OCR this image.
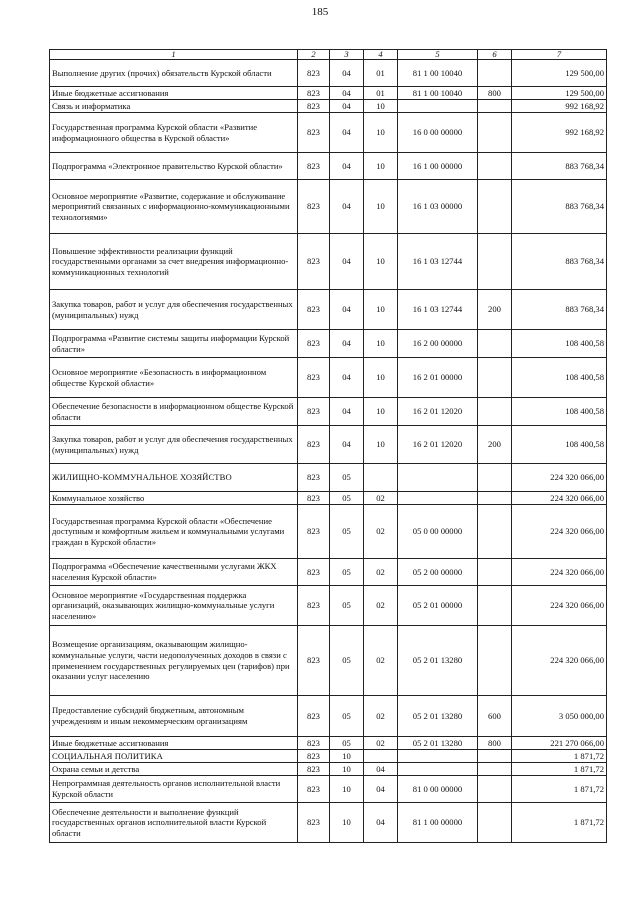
185
1	2	3	4	5	6	7
Выполнение других (прочих) обязательств Курской области	823	04	01	81 1 00 10040		129 500,00
Иные бюджетные ассигнования	823	04	01	81 1 00 10040	800	129 500,00
Связь и информатика	823	04	10			992 168,92
Государственная программа Курской области «Развитие информационного общества в Курской области»	823	04	10	16 0 00 00000		992 168,92
Подпрограмма «Электронное правительство Курской области»	823	04	10	16 1 00 00000		883 768,34
Основное мероприятие «Развитие, содержание и обслуживание мероприятий связанных с информационно-коммуникационными технологиями»	823	04	10	16 1 03 00000		883 768,34
Повышение эффективности реализации функций государственными органами за счет внедрения информационно-коммуникационных технологий	823	04	10	16 1 03 12744		883 768,34
Закупка товаров, работ и услуг для обеспечения государственных (муниципальных) нужд	823	04	10	16 1 03 12744	200	883 768,34
Подпрограмма «Развитие системы защиты информации Курской области»	823	04	10	16 2 00 00000		108 400,58
Основное мероприятие «Безопасность в информационном обществе Курской области»	823	04	10	16 2 01 00000		108 400,58
Обеспечение безопасности в информационном обществе Курской области	823	04	10	16 2 01 12020		108 400,58
Закупка товаров, работ и услуг для обеспечения государственных (муниципальных) нужд	823	04	10	16 2 01 12020	200	108 400,58
ЖИЛИЩНО-КОММУНАЛЬНОЕ ХОЗЯЙСТВО	823	05				224 320 066,00
Коммунальное хозяйство	823	05	02			224 320 066,00
Государственная программа Курской области «Обеспечение доступным и комфортным жильем и коммунальными услугами граждан в Курской области»	823	05	02	05 0 00 00000		224 320 066,00
Подпрограмма «Обеспечение качественными услугами ЖКХ населения Курской области»	823	05	02	05 2 00 00000		224 320 066,00
Основное мероприятие «Государственная поддержка организаций, оказывающих жилищно-коммунальные услуги населению»	823	05	02	05 2 01 00000		224 320 066,00
Возмещение организациям, оказывающим жилищно-коммунальные услуги, части недополученных доходов в связи с применением государственных регулируемых цен (тарифов) при оказании услуг населению	823	05	02	05 2 01 13280		224 320 066,00
Предоставление субсидий бюджетным, автономным учреждениям и иным некоммерческим организациям	823	05	02	05 2 01 13280	600	3 050 000,00
Иные бюджетные ассигнования	823	05	02	05 2 01 13280	800	221 270 066,00
СОЦИАЛЬНАЯ ПОЛИТИКА	823	10				1 871,72
Охрана семьи и детства	823	10	04			1 871,72
Непрограммная деятельность органов исполнительной власти Курской области	823	10	04	81 0 00 00000		1 871,72
Обеспечение деятельности и выполнение функций государственных органов исполнительной власти Курской области	823	10	04	81 1 00 00000		1 871,72
